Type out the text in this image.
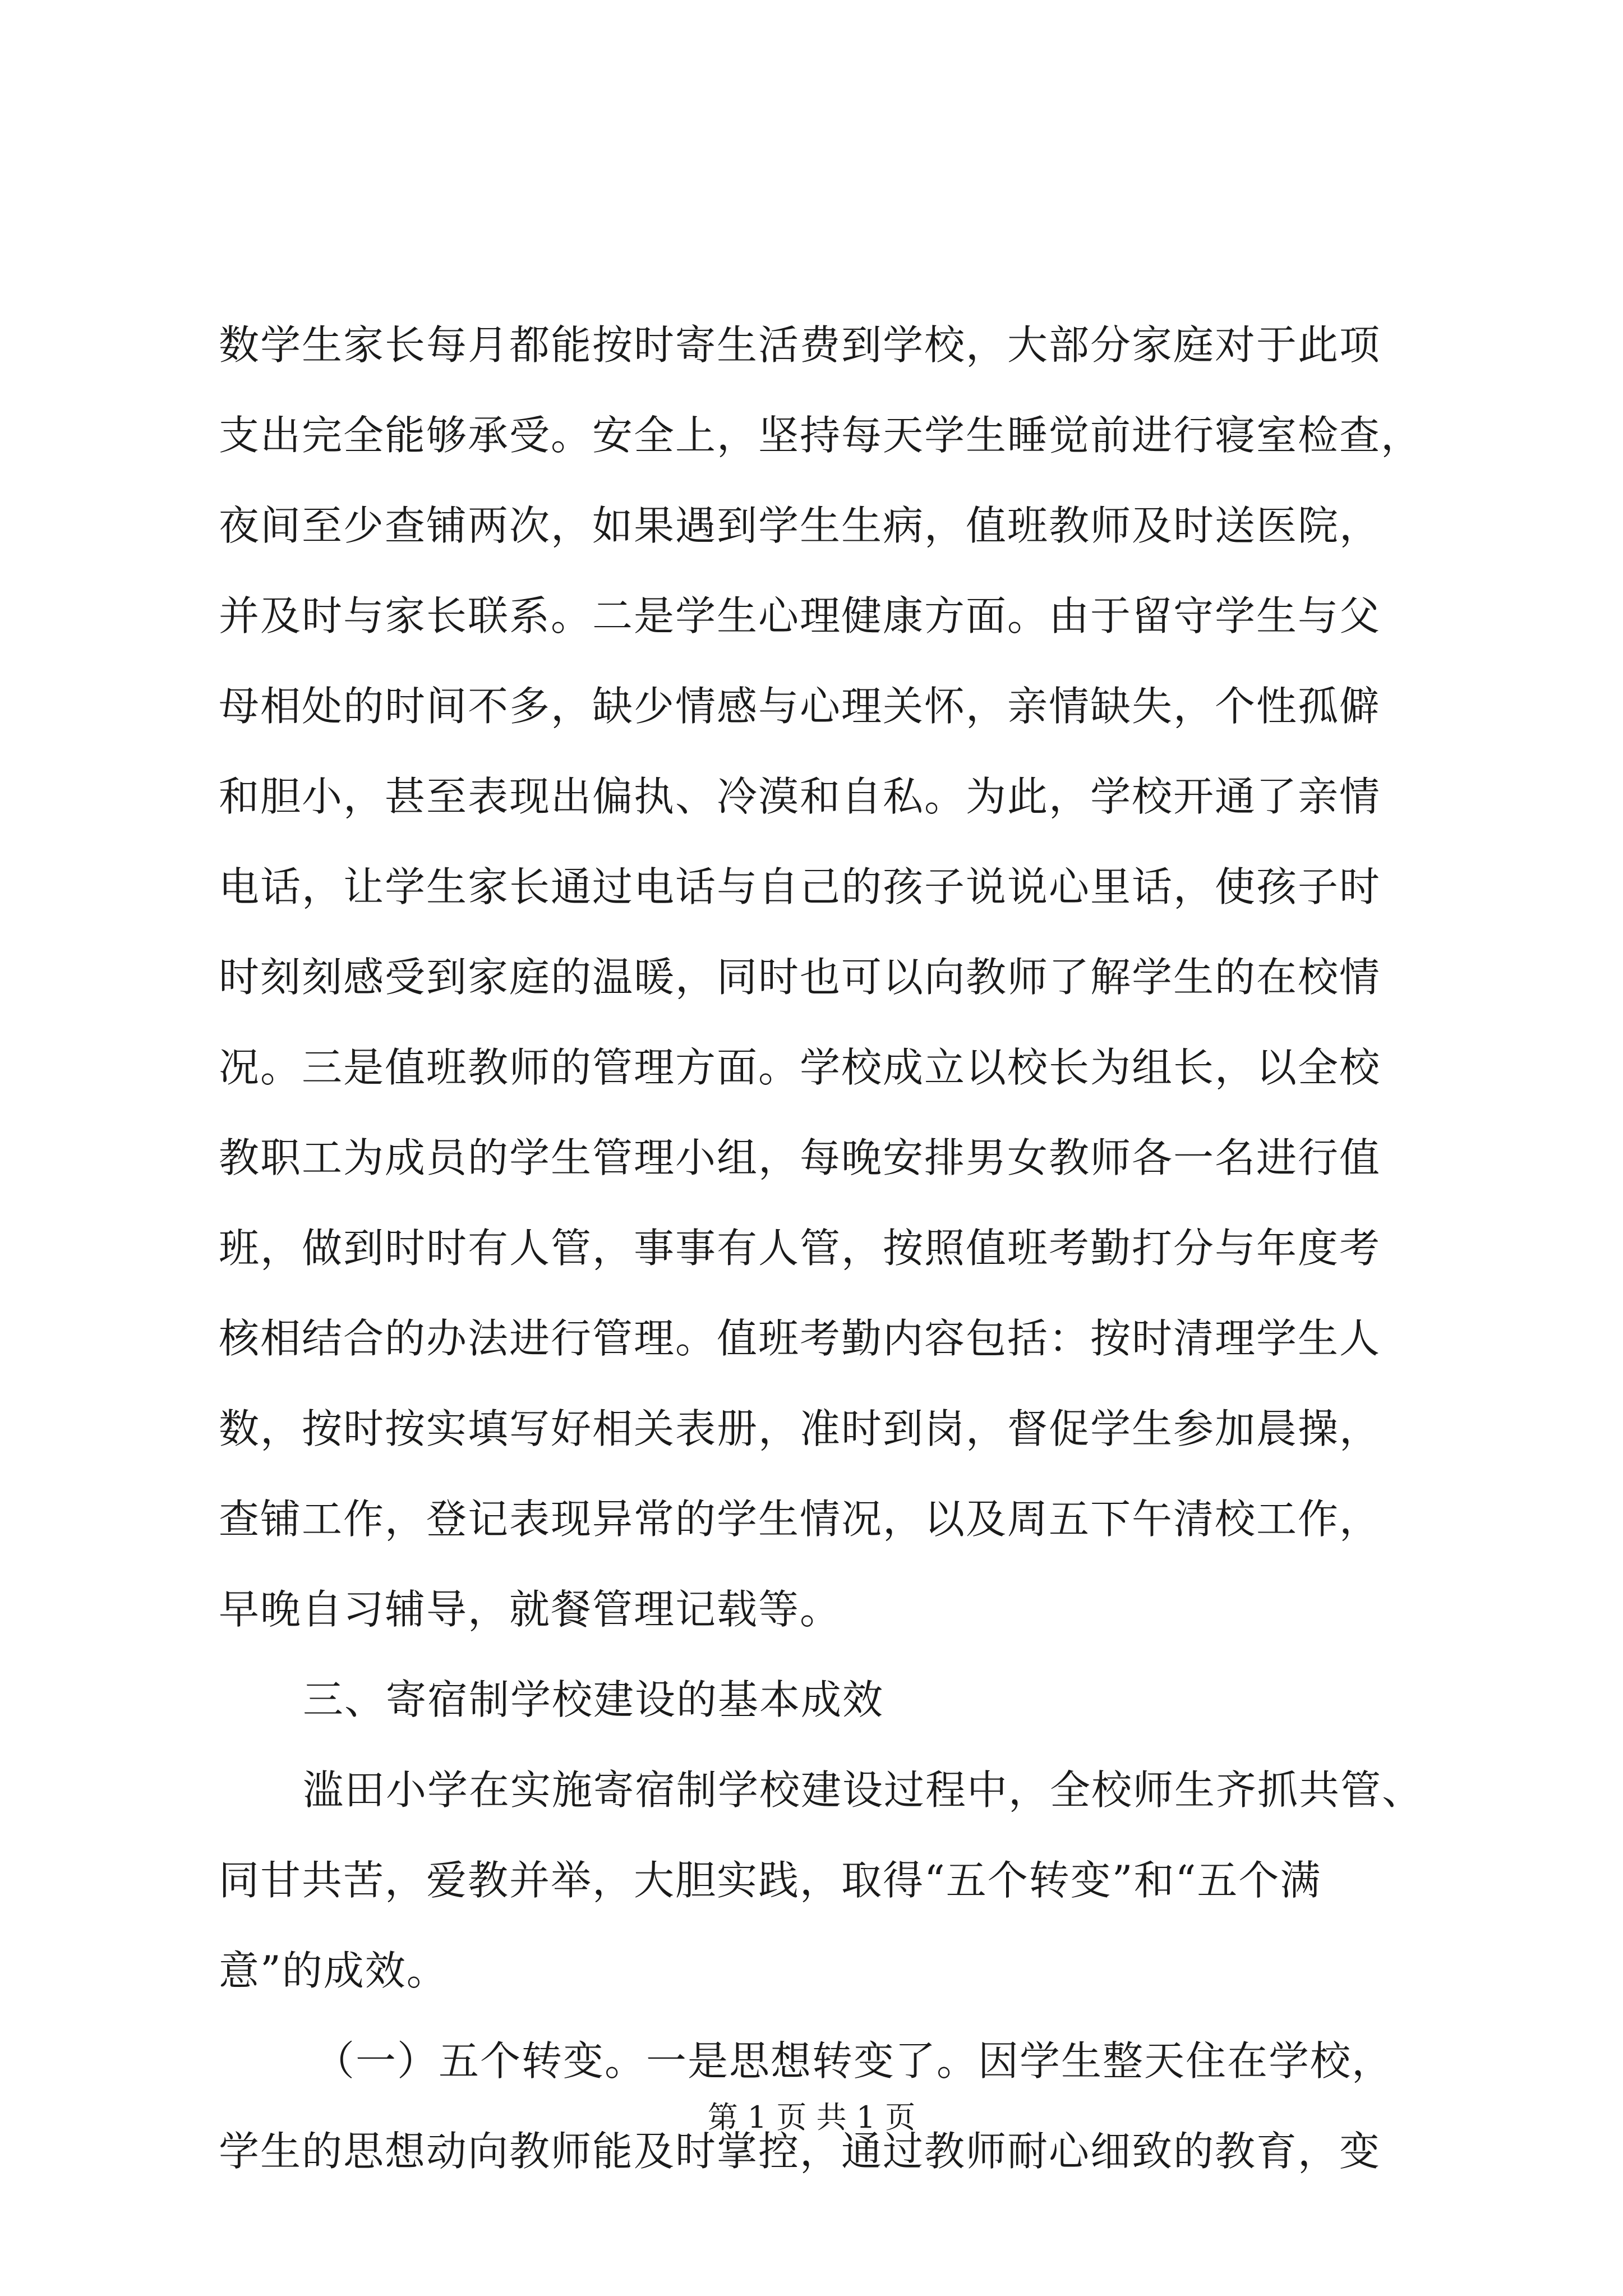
数学生家长每月都能按时寄生活费到学校，大部分家庭对于此项
支出完全能够承受。安全上，坚持每天学生睡觉前进行寝室检查，
夜间至少查铺两次，如果遇到学生生病，值班教师及时送医院，
并及时与家长联系。二是学生心理健康方面。由于留守学生与父
母相处的时间不多，缺少情感与心理关怀，亲情缺失，个性孤僻
和胆小，甚至表现出偏执、冷漠和自私。为此，学校开通了亲情
电话，让学生家长通过电话与自己的孩子说说心里话，使孩子时
时刻刻感受到家庭的温暖，同时也可以向教师了解学生的在校情
况。三是值班教师的管理方面。学校成立以校长为组长，以全校
教职工为成员的学生管理小组，每晚安排男女教师各一名进行值
班，做到时时有人管，事事有人管，按照值班考勤打分与年度考
核相结合的办法进行管理。值班考勤内容包括：按时清理学生人
数，按时按实填写好相关表册，准时到岗，督促学生参加晨操，
查铺工作，登记表现异常的学生情况，以及周五下午清校工作，
早晚自习辅导，就餐管理记载等。
三、寄宿制学校建设的基本成效
滥田小学在实施寄宿制学校建设过程中，全校师生齐抓共管、
同甘共苦，爱教并举，大胆实践，取得“五个转变”和“五个满
意”的成效。
（一）五个转变。一是思想转变了。因学生整天住在学校，
学生的思想动向教师能及时掌控，通过教师耐心细致的教育，变
第 1 页 共 1 页
